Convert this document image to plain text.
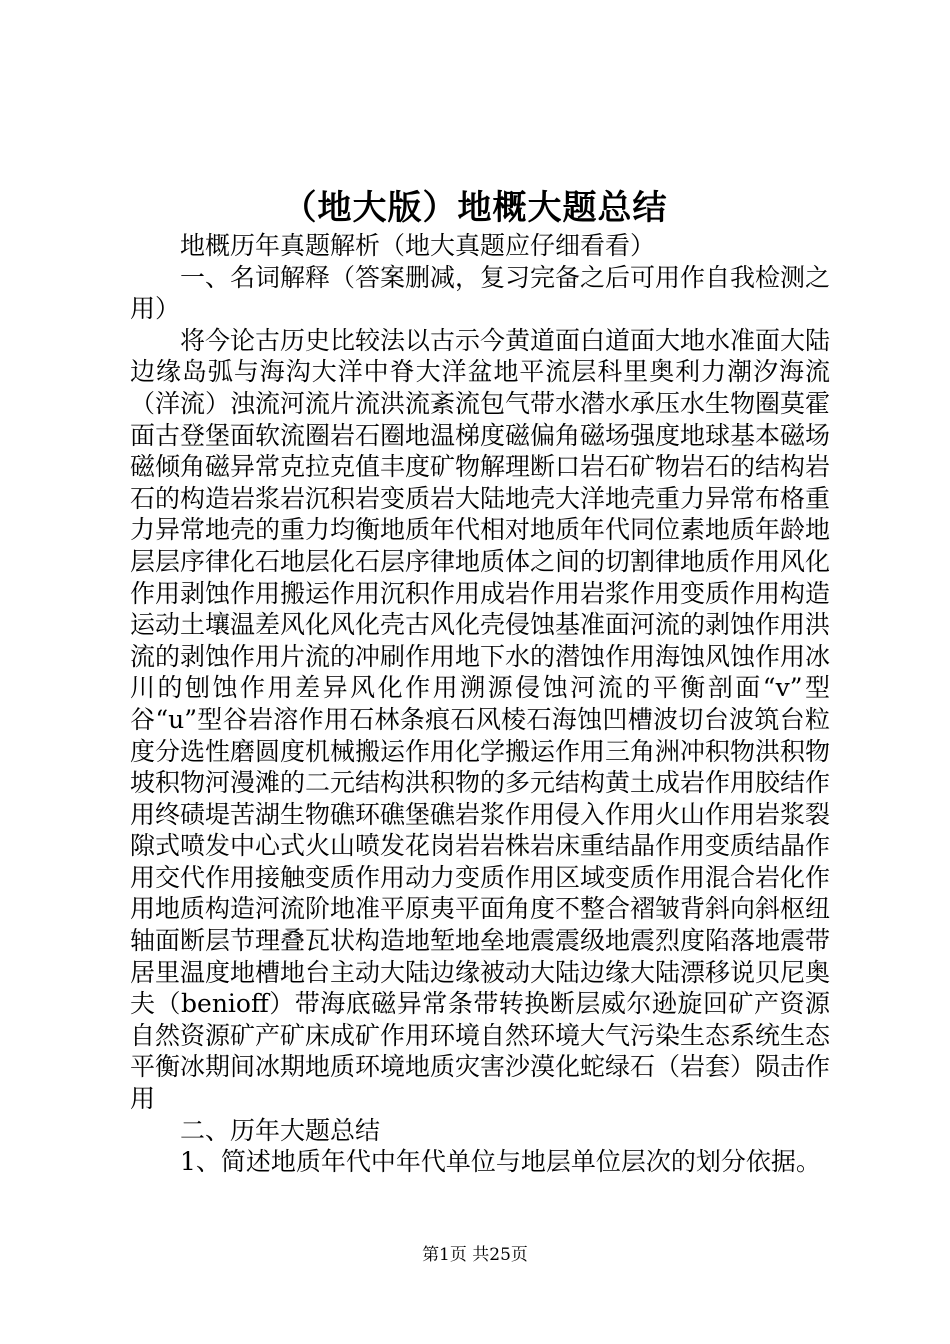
（地大版）地概大题总结

地概历年真题解析（地大真题应仔细看看）

一、名词解释（答案删减，复习完备之后可用作自我检测之用）

将今论古历史比较法以古示今黄道面白道面大地水准面大陆边缘岛弧与海沟大洋中脊大洋盆地平流层科里奥利力潮汐海流（洋流）浊流河流片流洪流紊流包气带水潜水承压水生物圈莫霍面古登堡面软流圈岩石圈地温梯度磁偏角磁场强度地球基本磁场磁倾角磁异常克拉克值丰度矿物解理断口岩石矿物岩石的结构岩石的构造岩浆岩沉积岩变质岩大陆地壳大洋地壳重力异常布格重力异常地壳的重力均衡地质年代相对地质年代同位素地质年龄地层层序律化石地层化石层序律地质体之间的切割律地质作用风化作用剥蚀作用搬运作用沉积作用成岩作用岩浆作用变质作用构造运动土壤温差风化风化壳古风化壳侵蚀基准面河流的剥蚀作用洪流的剥蚀作用片流的冲刷作用地下水的潜蚀作用海蚀风蚀作用冰川的刨蚀作用差异风化作用溯源侵蚀河流的平衡剖面“v”型谷“u”型谷岩溶作用石林条痕石风棱石海蚀凹槽波切台波筑台粒度分选性磨圆度机械搬运作用化学搬运作用三角洲冲积物洪积物坡积物河漫滩的二元结构洪积物的多元结构黄土成岩作用胶结作用终碛堤苦湖生物礁环礁堡礁岩浆作用侵入作用火山作用岩浆裂隙式喷发中心式火山喷发花岗岩岩株岩床重结晶作用变质结晶作用交代作用接触变质作用动力变质作用区域变质作用混合岩化作用地质构造河流阶地准平原夷平面角度不整合褶皱背斜向斜枢纽轴面断层节理叠瓦状构造地堑地垒地震震级地震烈度陷落地震带居里温度地槽地台主动大陆边缘被动大陆边缘大陆漂移说贝尼奥夫（benioff）带海底磁异常条带转换断层威尔逊旋回矿产资源自然资源矿产矿床成矿作用环境自然环境大气污染生态系统生态平衡冰期间冰期地质环境地质灾害沙漠化蛇绿石（岩套）陨击作用

二、历年大题总结

1、简述地质年代中年代单位与地层单位层次的划分依据。

第1页 共25页
